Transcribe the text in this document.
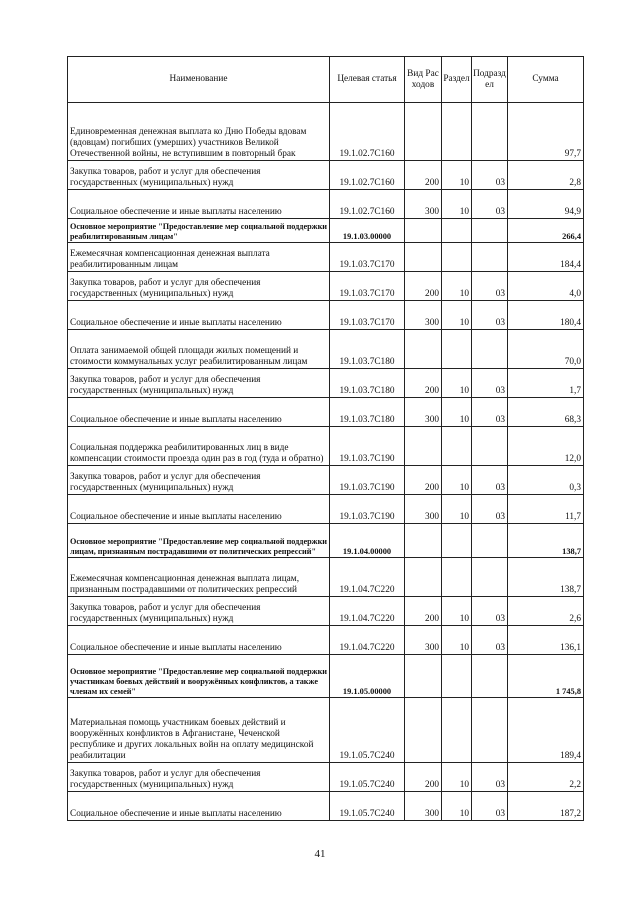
Наименование	Целевая статья	Вид Расходов	Раздел	Подраздел	Сумма
Единовременная денежная выплата ко Дню Победы вдовам (вдовцам) погибших (умерших) участников Великой Отечественной войны, не вступившим в повторный брак	19.1.02.7С160				97,7
Закупка товаров, работ и услуг для обеспечения государственных (муниципальных) нужд	19.1.02.7С160	200	10	03	2,8
Социальное обеспечение и иные выплаты населению	19.1.02.7С160	300	10	03	94,9
Основное мероприятие "Предоставление мер социальной поддержки реабилитированным лицам"	19.1.03.00000				266,4
Ежемесячная компенсационная денежная выплата реабилитированным лицам	19.1.03.7С170				184,4
Закупка товаров, работ и услуг для обеспечения государственных (муниципальных) нужд	19.1.03.7С170	200	10	03	4,0
Социальное обеспечение и иные выплаты населению	19.1.03.7С170	300	10	03	180,4
Оплата занимаемой общей площади жилых помещений и стоимости коммунальных услуг реабилитированным лицам	19.1.03.7С180				70,0
Закупка товаров, работ и услуг для обеспечения государственных (муниципальных) нужд	19.1.03.7С180	200	10	03	1,7
Социальное обеспечение и иные выплаты населению	19.1.03.7С180	300	10	03	68,3
Социальная поддержка реабилитированных лиц в виде компенсации стоимости проезда один раз в год (туда и обратно)	19.1.03.7С190				12,0
Закупка товаров, работ и услуг для обеспечения государственных (муниципальных) нужд	19.1.03.7С190	200	10	03	0,3
Социальное обеспечение и иные выплаты населению	19.1.03.7С190	300	10	03	11,7
Основное мероприятие "Предоставление мер социальной поддержки лицам, признанным пострадавшими от политических репрессий"	19.1.04.00000				138,7
Ежемесячная компенсационная денежная выплата лицам, признанным пострадавшими от политических репрессий	19.1.04.7С220				138,7
Закупка товаров, работ и услуг для обеспечения государственных (муниципальных) нужд	19.1.04.7С220	200	10	03	2,6
Социальное обеспечение и иные выплаты населению	19.1.04.7С220	300	10	03	136,1
Основное мероприятие "Предоставление мер социальной поддержки участникам боевых действий и вооружённых конфликтов, а также членам их семей"	19.1.05.00000				1 745,8
Материальная помощь участникам боевых действий и вооружённых конфликтов в Афганистане, Чеченской республике и других локальных войн на оплату медицинской реабилитации	19.1.05.7С240				189,4
Закупка товаров, работ и услуг для обеспечения государственных (муниципальных) нужд	19.1.05.7С240	200	10	03	2,2
Социальное обеспечение и иные выплаты населению	19.1.05.7С240	300	10	03	187,2
41
